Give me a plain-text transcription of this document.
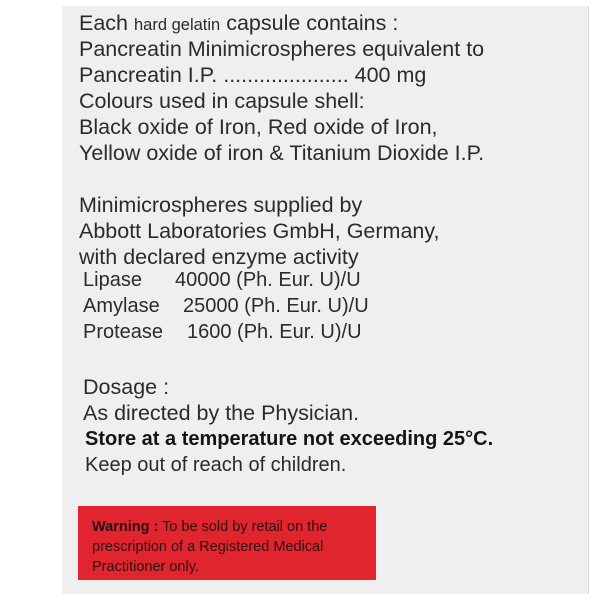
Each hard gelatin capsule contains :
Pancreatin Minimicrospheres equivalent to
Pancreatin I.P. ..................... 400 mg
Colours used in capsule shell:
Black oxide of Iron, Red oxide of Iron,
Yellow oxide of iron & Titanium Dioxide I.P.
Minimicrospheres supplied by
Abbott Laboratories GmbH, Germany,
with declared enzyme activity
Lipase 40000 (Ph. Eur. U)/U
Amylase 25000 (Ph. Eur. U)/U
Protease 1600 (Ph. Eur. U)/U
Dosage :
As directed by the Physician.
Store at a temperature not exceeding 25°C.
Keep out of reach of children.
Warning : To be sold by retail on the
prescription of a Registered Medical
Practitioner only.
